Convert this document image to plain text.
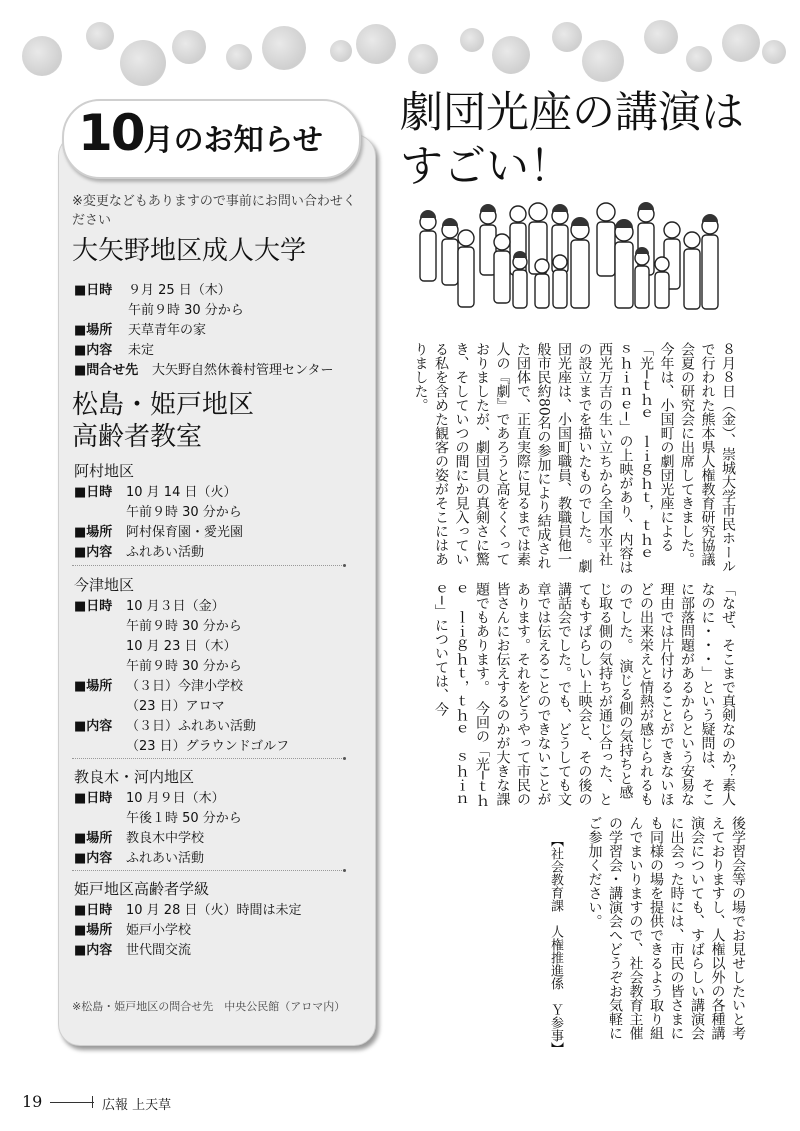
10月のお知らせ
※変更などもありますので事前にお問い合わせください
大矢野地区成人大学
■日時 ９月 25 日（木）
午前９時 30 分から
■場所 天草青年の家
■内容 未定
■問合せ先 大矢野自然休養村管理センター
松島・姫戸地区
高齢者教室
阿村地区
■日時 10 月 14 日（火）
午前９時 30 分から
■場所 阿村保育園・愛光園
■内容 ふれあい活動
今津地区
■日時 10 月３日（金）
午前９時 30 分から
10 月 23 日（木）
午前９時 30 分から
■場所 （３日）今津小学校
（23 日）アロマ
■内容 （３日）ふれあい活動
（23 日）グラウンドゴルフ
教良木・河内地区
■日時 10 月９日（木）
午後１時 50 分から
■場所 教良木中学校
■内容 ふれあい活動
姫戸地区高齢者学級
■日時 10 月 28 日（火）時間は未定
■場所 姫戸小学校
■内容 世代間交流
※松島・姫戸地区の問合せ先　中央公民館（アロマ内）
劇団光座の講演は
すごい！
８月８日（金）、崇城大学市民ホールで行われた熊本県人権教育研究協議会夏の研究会に出席してきました。　今年は、小国町の劇団光座による「光─ｔｈｅ　ｌｉｇｈｔ，ｔｈｅ　ｓｈｉｎｅ─」の上映があり、内容は西光万吉の生い立ちから全国水平社の設立までを描いたものでした。　劇団光座は、小国町職員、教職員他一般市民約80名の参加により結成された団体で、正直実際に見るまでは素人の『劇』であろうと高をくくっておりましたが、劇団員の真剣さに驚き、そしていつの間にか見入っている私を含めた観客の姿がそこにはありました。
「なぜ、そこまで真剣なのか？素人なのに・・・」という疑問は、そこに部落問題があるからという安易な理由では片付けることができないほどの出来栄えと情熱が感じられるものでした。　演じる側の気持ちと感じ取る側の気持ちが通じ合った、とてもすばらしい上映会と、その後の講話会でした。でも、どうしても文章では伝えることのできないことがあります。それをどうやって市民の皆さんにお伝えするのかが大きな課題でもあります。　今回の「光─ｔｈｅ　ｌｉｇｈｔ，ｔｈｅ　ｓｈｉｎｅ─」については、今
後学習会等の場でお見せしたいと考えておりますし、人権以外の各種講演会についても、すばらしい講演会に出会った時には、市民の皆さまにも同様の場を提供できるよう取り組んでまいりますので、社会教育主催の学習会・講演会へどうぞお気軽にご参加ください。
【社会教育課　人権推進係　Ｙ参事】
19	広報 上天草
